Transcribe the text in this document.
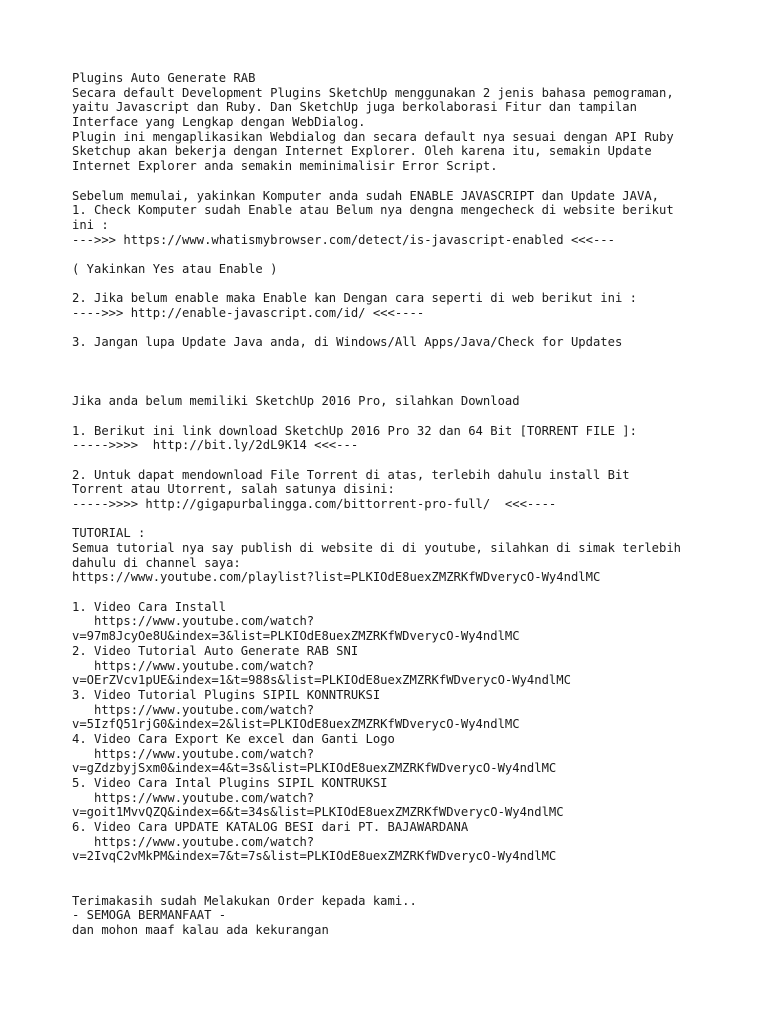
Plugins Auto Generate RAB
Secara default Development Plugins SketchUp menggunakan 2 jenis bahasa pemograman,
yaitu Javascript dan Ruby. Dan SketchUp juga berkolaborasi Fitur dan tampilan
Interface yang Lengkap dengan WebDialog.
Plugin ini mengaplikasikan Webdialog dan secara default nya sesuai dengan API Ruby
Sketchup akan bekerja dengan Internet Explorer. Oleh karena itu, semakin Update
Internet Explorer anda semakin meminimalisir Error Script.
Sebelum memulai, yakinkan Komputer anda sudah ENABLE JAVASCRIPT dan Update JAVA,
1. Check Komputer sudah Enable atau Belum nya dengna mengecheck di website berikut
ini :
--->>> https://www.whatismybrowser.com/detect/is-javascript-enabled <<<---
( Yakinkan Yes atau Enable )
2. Jika belum enable maka Enable kan Dengan cara seperti di web berikut ini :
---->>> http://enable-javascript.com/id/ <<<----
3. Jangan lupa Update Java anda, di Windows/All Apps/Java/Check for Updates
Jika anda belum memiliki SketchUp 2016 Pro, silahkan Download
1. Berikut ini link download SketchUp 2016 Pro 32 dan 64 Bit [TORRENT FILE ]:
----->>>>  http://bit.ly/2dL9K14 <<<---
2. Untuk dapat mendownload File Torrent di atas, terlebih dahulu install Bit
Torrent atau Utorrent, salah satunya disini:
----->>>> http://gigapurbalingga.com/bittorrent-pro-full/  <<<----
TUTORIAL :
Semua tutorial nya say publish di website di di youtube, silahkan di simak terlebih
dahulu di channel saya:
https://www.youtube.com/playlist?list=PLKIOdE8uexZMZRKfWDverycO-Wy4ndlMC
1. Video Cara Install
https://www.youtube.com/watch?
v=97m8JcyOe8U&index=3&list=PLKIOdE8uexZMZRKfWDverycO-Wy4ndlMC
2. Video Tutorial Auto Generate RAB SNI
https://www.youtube.com/watch?
v=OErZVcv1pUE&index=1&t=988s&list=PLKIOdE8uexZMZRKfWDverycO-Wy4ndlMC
3. Video Tutorial Plugins SIPIL KONNTRUKSI
https://www.youtube.com/watch?
v=5IzfQ51rjG0&index=2&list=PLKIOdE8uexZMZRKfWDverycO-Wy4ndlMC
4. Video Cara Export Ke excel dan Ganti Logo
https://www.youtube.com/watch?
v=gZdzbyjSxm0&index=4&t=3s&list=PLKIOdE8uexZMZRKfWDverycO-Wy4ndlMC
5. Video Cara Intal Plugins SIPIL KONTRUKSI
https://www.youtube.com/watch?
v=goit1MvvQZQ&index=6&t=34s&list=PLKIOdE8uexZMZRKfWDverycO-Wy4ndlMC
6. Video Cara UPDATE KATALOG BESI dari PT. BAJAWARDANA
https://www.youtube.com/watch?
v=2IvqC2vMkPM&index=7&t=7s&list=PLKIOdE8uexZMZRKfWDverycO-Wy4ndlMC
Terimakasih sudah Melakukan Order kepada kami..
- SEMOGA BERMANFAAT -
dan mohon maaf kalau ada kekurangan
